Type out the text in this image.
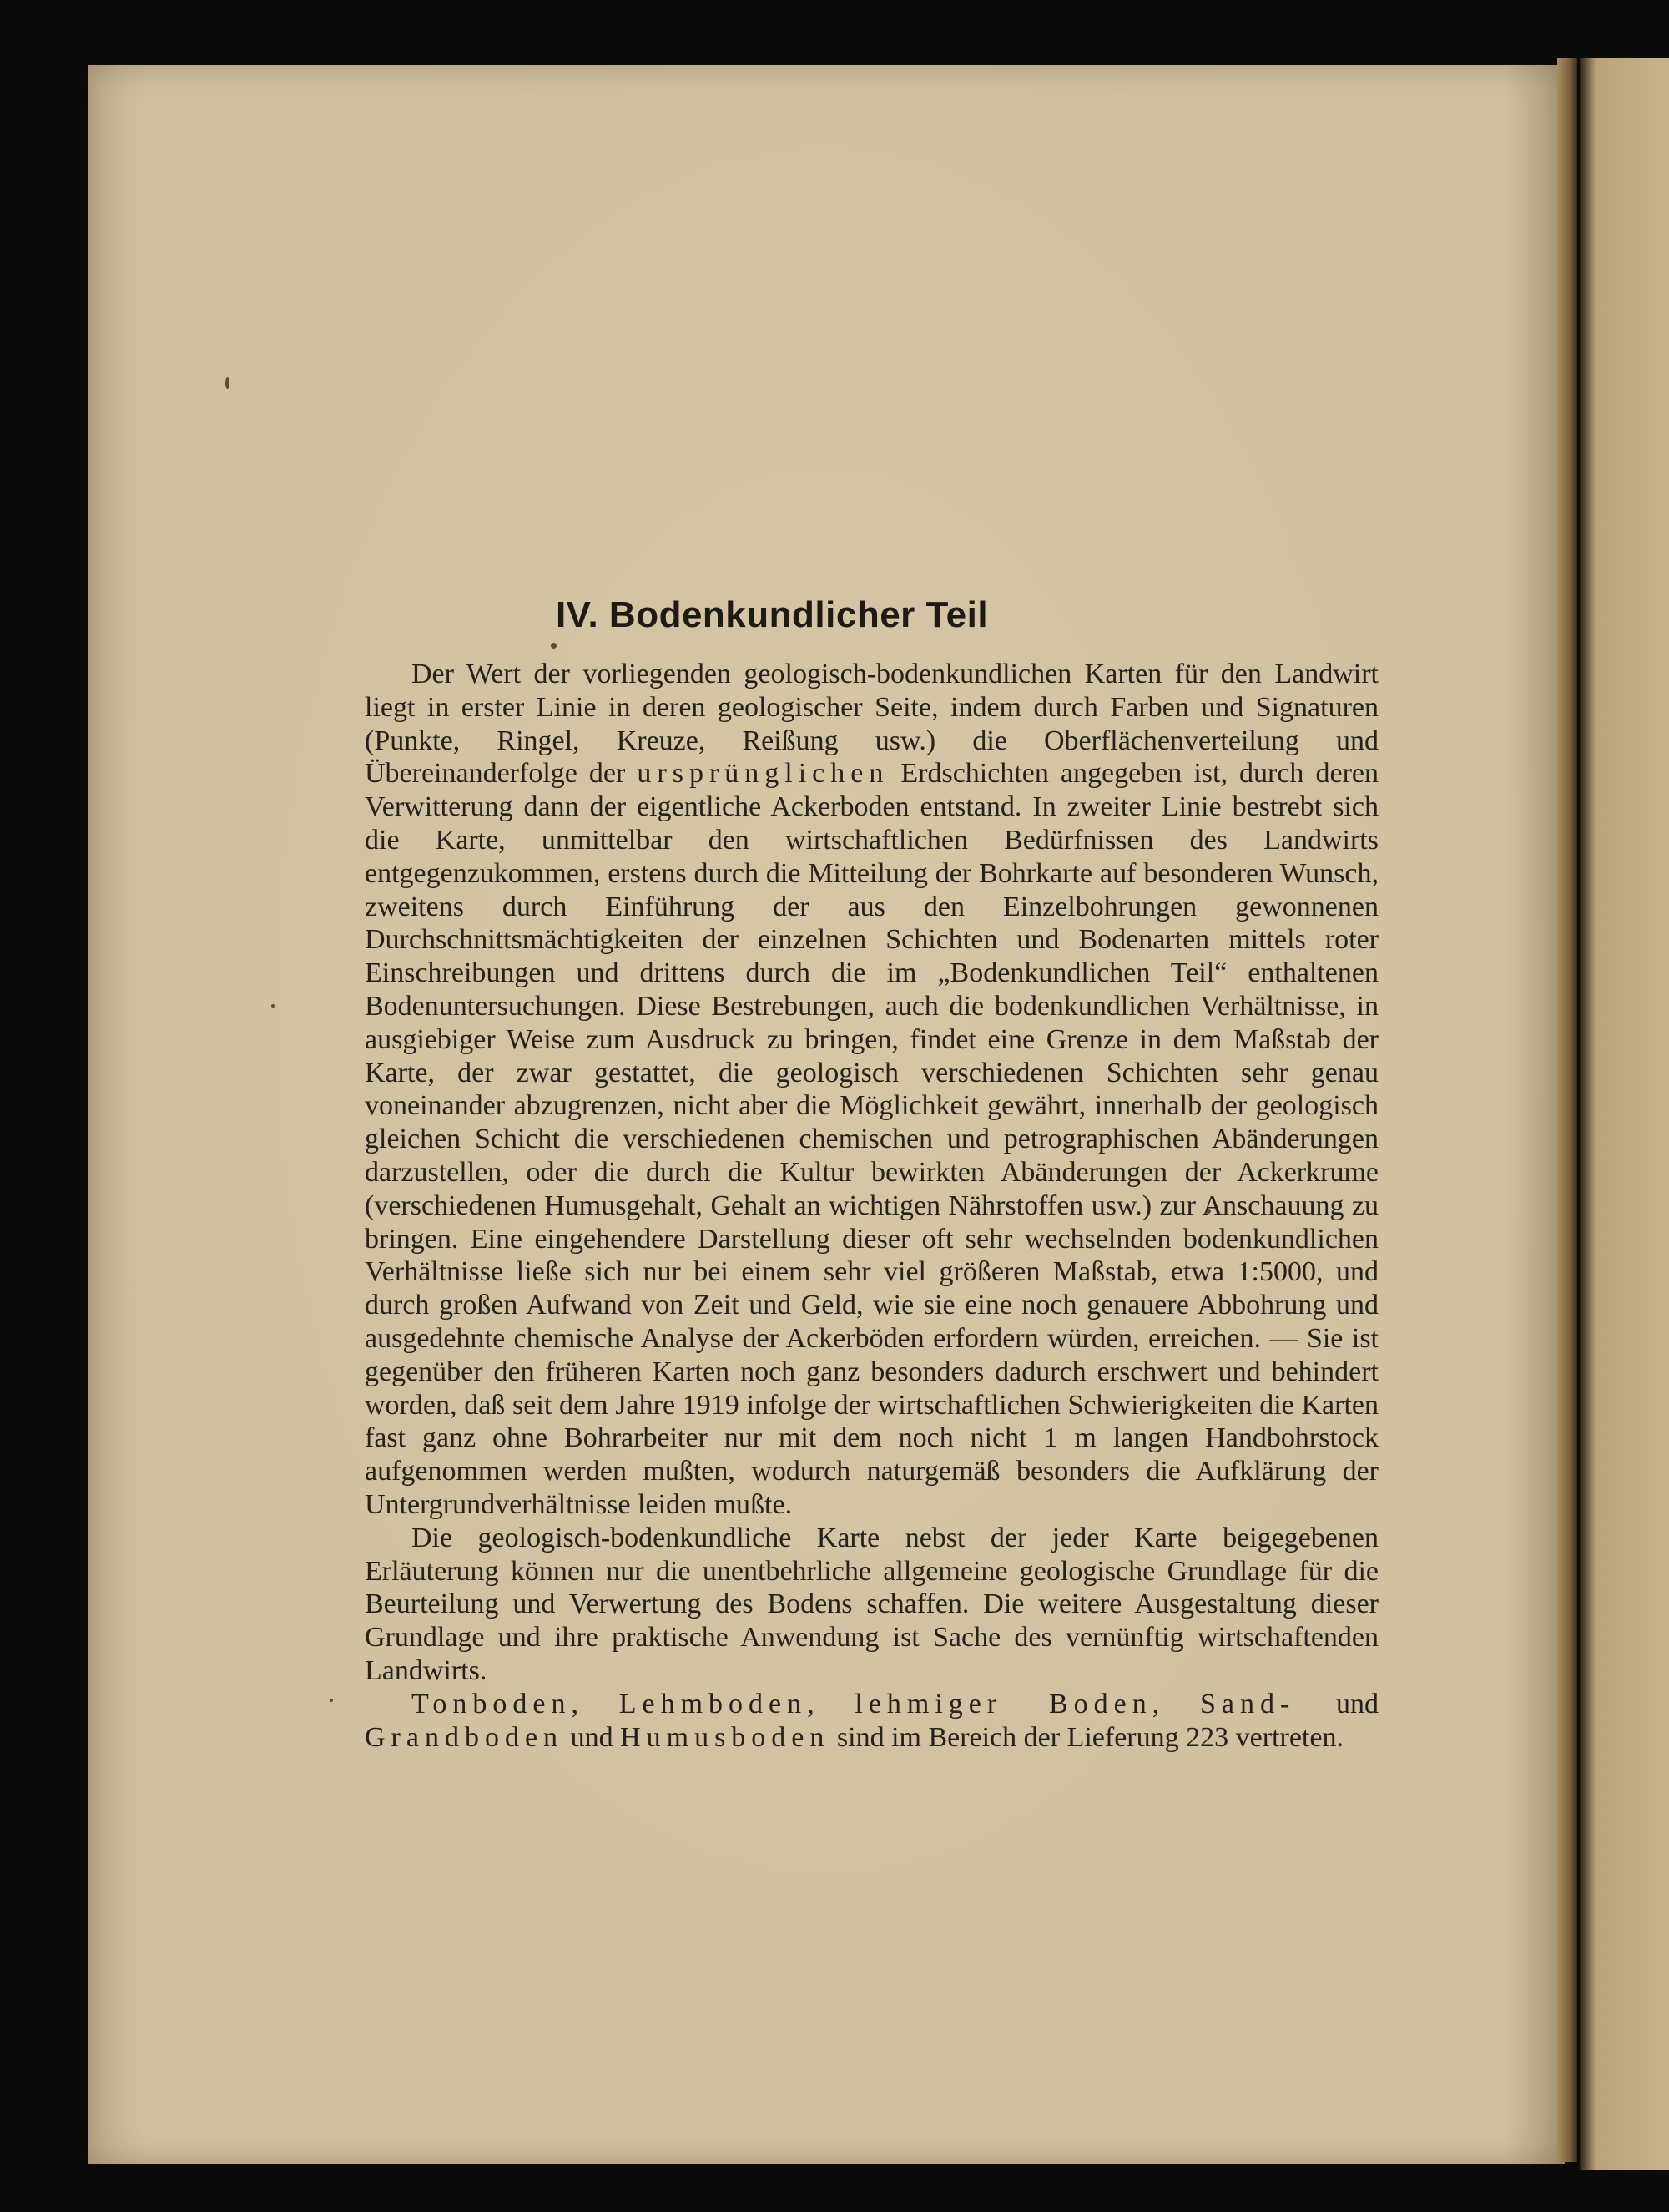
IV. Bodenkundlicher Teil

Der Wert der vorliegenden geologisch-bodenkundlichen Karten für den Landwirt liegt in erster Linie in deren geologischer Seite, indem durch Farben und Signaturen (Punkte, Ringel, Kreuze, Reißung usw.) die Oberflächenverteilung und Übereinanderfolge der ursprünglichen Erdschichten angegeben ist, durch deren Verwitterung dann der eigentliche Ackerboden entstand. In zweiter Linie bestrebt sich die Karte, unmittelbar den wirtschaftlichen Bedürfnissen des Landwirts entgegenzukommen, erstens durch die Mitteilung der Bohrkarte auf besonderen Wunsch, zweitens durch Einführung der aus den Einzelbohrungen gewonnenen Durchschnittsmächtigkeiten der einzelnen Schichten und Bodenarten mittels roter Einschreibungen und drittens durch die im „Bodenkundlichen Teil“ enthaltenen Bodenuntersuchungen. Diese Bestrebungen, auch die bodenkundlichen Verhältnisse, in ausgiebiger Weise zum Ausdruck zu bringen, findet eine Grenze in dem Maßstab der Karte, der zwar gestattet, die geologisch verschiedenen Schichten sehr genau voneinander abzugrenzen, nicht aber die Möglichkeit gewährt, innerhalb der geologisch gleichen Schicht die verschiedenen chemischen und petrographischen Abänderungen darzustellen, oder die durch die Kultur bewirkten Abänderungen der Ackerkrume (verschiedenen Humusgehalt, Gehalt an wichtigen Nährstoffen usw.) zur Anschauung zu bringen. Eine eingehendere Darstellung dieser oft sehr wechselnden bodenkundlichen Verhältnisse ließe sich nur bei einem sehr viel größeren Maßstab, etwa 1:5000, und durch großen Aufwand von Zeit und Geld, wie sie eine noch genauere Abbohrung und ausgedehnte chemische Analyse der Ackerböden erfordern würden, erreichen. — Sie ist gegenüber den früheren Karten noch ganz besonders dadurch erschwert und behindert worden, daß seit dem Jahre 1919 infolge der wirtschaftlichen Schwierigkeiten die Karten fast ganz ohne Bohrarbeiter nur mit dem noch nicht 1 m langen Handbohrstock aufgenommen werden mußten, wodurch naturgemäß besonders die Aufklärung der Untergrundverhältnisse leiden mußte.

Die geologisch-bodenkundliche Karte nebst der jeder Karte beigegebenen Erläuterung können nur die unentbehrliche allgemeine geologische Grundlage für die Beurteilung und Verwertung des Bodens schaffen. Die weitere Ausgestaltung dieser Grundlage und ihre praktische Anwendung ist Sache des vernünftig wirtschaftenden Landwirts.

Tonboden, Lehmboden, lehmiger Boden, Sand- und Grandboden und Humusboden sind im Bereich der Lieferung 223 vertreten.
